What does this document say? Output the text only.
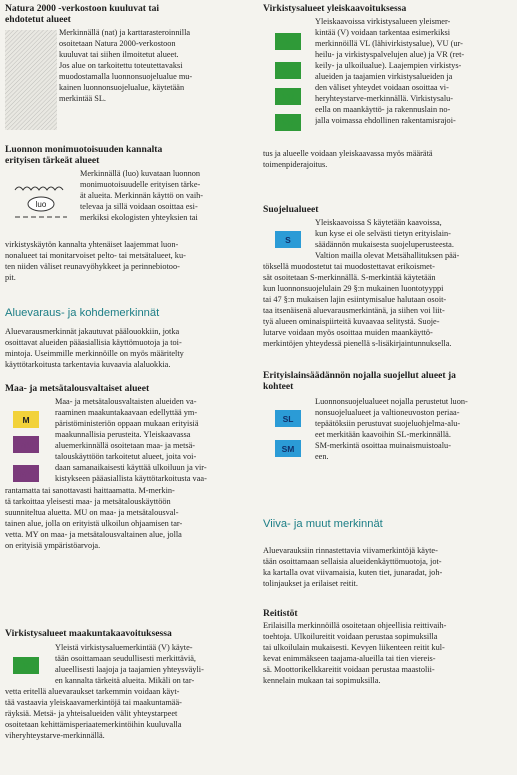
Natura 2000 -verkostoon kuuluvat tai
ehdotetut alueet
Merkinnällä (nat) ja karttarasteroinnilla
osoitetaan Natura 2000-verkostoon
kuuluvat tai siihen ilmoitetut alueet.
Jos alue on tarkoitettu toteutettavaksi
muodostamalla luonnonsuojelualue mu-
kainen luonnonsuojelualue, käytetään
merkintää SL.
Luonnon monimuotoisuuden kannalta
erityisen tärkeät alueet
luo
Merkinnällä (luo) kuvataan luonnon
monimuotoisuudelle erityisen tärke-
ät alueita. Merkinnän käyttö on vaih-
televaa ja sillä voidaan osoittaa esi-
merkiksi ekologisten yhteyksien tai
virkistyskäytön kannalta yhtenäiset laajemmat luon-
nonalueet tai monitarvoiset pelto- tai metsätalueet, ku-
ten niiden väliset reunavyöhykkeet ja perinnebiotoo-
pit.
Aluevaraus- ja kohdemerkinnät
Aluevarausmerkinnät jakautuvat päälouokkiin, jotka
osoittavat alueiden pääasiallisia käyttömuotoja ja toi-
mintoja. Useimmille merkinnöille on myös määritelty
käyttötarkoitusta tarkentavia kuvaavia alaluokkia.
Maa- ja metsätalousvaltaiset alueet
M
MU
MY
Maa- ja metsätalousvaltaisten alueiden va-
raaminen maakuntakaavaan edellyttää ym-
päristöministeriön oppaan mukaan erityisiä
maakunnallisia perusteita. Yleiskaavassa
aluemerkinnällä osoitetaan maa- ja metsä-
talouskäyttöön tarkoitetut alueet, joita voi-
daan samanaikaisesti käyttää ulkoiluun ja vir-
kistykseen pääasiallista käyttötarkoitusta vaa-
rantamatta tai sanottavasti haittaamatta. M-merkin-
tä tarkoittaa yleisesti maa- ja metsätalouskäyttöön
suunniteltua aluetta. MU on maa- ja metsätalousval-
tainen alue, jolla on erityistä ulkoilun ohjaamisen tar-
vetta. MY on maa- ja metsätalousvaltainen alue, jolla
on erityisiä ympäristöarvoja.
Virkistysalueet maakuntakaavoituksessa
V
Yleistä virkistysaluemerkintää (V) käyte-
tään osoittamaan seudullisesti merkittäviä,
alueellisesti laajoja ja taajamien yhteysväyli-
en kannalta tärkeitä alueita. Mikäli on tar-
vetta eritellä aluevaraukset tarkemmin voidaan käyt-
tää vastaavia yleiskaavamerkintöjä tai maakuntamää-
räyksiä. Metsä- ja yhteisalueiden välit yhteystarpeet
osoitetaan kehittämisperiaatemerkintöihin kuuluvalla
viheryhteystarve-merkinnällä.
Virkistysalueet yleiskaavoituksessa
V
VL
VU
VR
Yleiskaavoissa virkistysalueen yleismer-
kintää (V) voidaan tarkentaa esimerkiksi
merkinnöillä VL (lähivirkistysalue), VU (ur-
heilu- ja virkistyspalvelujen alue) ja VR (ret-
keily- ja ulkoilualue). Laajempien virkistys-
alueiden ja taajamien virkistysalueiden ja
den väliset yhteydet voidaan osoittaa vi-
heryhteystarve-merkinnällä. Virkistysalu-
eella on maankäyttö- ja rakennuslain no-
jalla voimassa ehdollinen rakentamisrajoi-
tus ja alueelle voidaan yleiskaavassa myös määrätä
toimenpiderajoitus.
Suojelualueet
S
Yleiskaavoissa S käytetään kaavoissa,
kun kyse ei ole selvästi tietyn erityislain-
säädännön mukaisesta suojeluperusteesta.
Valtion mailla olevat Metsähallituksen pää-
töksellä muodostetut tai muodostettavat erikoismet-
sät osoitetaan S-merkinnällä. S-merkintää käytetään
kun luonnonsuojelulain 29 §:n mukainen luontotyyppi
tai 47 §:n mukaisen lajin esiintymisalue halutaan osoit-
taa itsenäisenä aluevarausmerkintänä, ja siihen voi liit-
tyä alueen ominaispiirteitä kuvaavaa selitystä. Suoje-
lutarve voidaan myös osoittaa muiden maankäyttö-
merkintöjen yhteydessä pienellä s-lisäkirjaintunnuksella.
Erityislainsäädännön nojalla suojellut alueet ja
kohteet
SL
SM
Luonnonsuojelualueet nojalla perustetut luon-
nonsuojelualueet ja valtioneuvoston periaa-
tepäätöksiin perustuvat suojeluohjelma-alu-
eet merkitään kaavoihin SL-merkinnällä.
SM-merkintä osoittaa muinaismuistoalu-
een.
Viiva- ja muut merkinnät
Aluevarauksiin rinnastettavia viivamerkintöjä käyte-
tään osoittamaan sellaisia alueidenkäyttömuotoja, jot-
ka kartalla ovat viivamaisia, kuten tiet, junaradat, joh-
tolinjaukset ja erilaiset reitit.
Reitistöt
Erilaisilla merkinnöillä osoitetaan ohjeellisia reittivaih-
toehtoja. Ulkoilureitit voidaan perustaa sopimuksilla
tai ulkoilulain mukaisesti. Kevyen liikenteen reitit kul-
kevat enimmäkseen taajama-alueilla tai tien viereis-
sä. Moottorikelkkareitit voidaan perustaa maastolii-
kennelain mukaan tai sopimuksilla.
